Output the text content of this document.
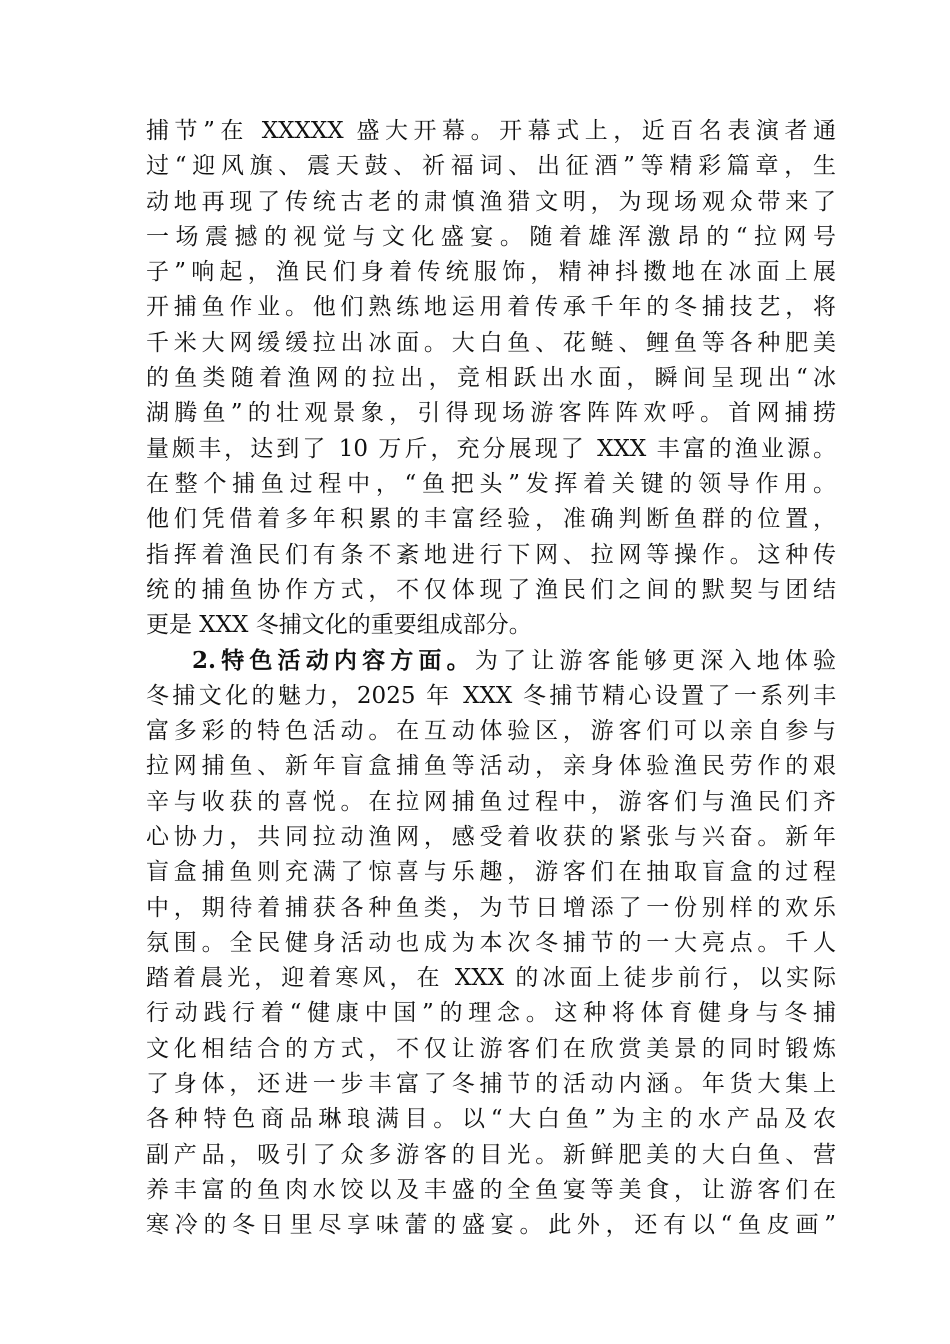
捕节”在 XXXXX 盛大开幕。开幕式上，近百名表演者通
过“迎风旗、震天鼓、祈福词、出征酒”等精彩篇章，生
动地再现了传统古老的肃慎渔猎文明，为现场观众带来了
一场震撼的视觉与文化盛宴。随着雄浑激昂的“拉网号
子”响起，渔民们身着传统服饰，精神抖擞地在冰面上展
开捕鱼作业。他们熟练地运用着传承千年的冬捕技艺，将
千米大网缓缓拉出冰面。大白鱼、花鲢、鲤鱼等各种肥美
的鱼类随着渔网的拉出，竞相跃出水面，瞬间呈现出“冰
湖腾鱼”的壮观景象，引得现场游客阵阵欢呼。首网捕捞
量颇丰，达到了 10 万斤，充分展现了 XXX 丰富的渔业源。
在整个捕鱼过程中，“鱼把头”发挥着关键的领导作用。
他们凭借着多年积累的丰富经验，准确判断鱼群的位置，
指挥着渔民们有条不紊地进行下网、拉网等操作。这种传
统的捕鱼协作方式，不仅体现了渔民们之间的默契与团结
更是 XXX 冬捕文化的重要组成部分。
2.特色活动内容方面。为了让游客能够更深入地体验
冬捕文化的魅力，2025 年 XXX 冬捕节精心设置了一系列丰
富多彩的特色活动。在互动体验区，游客们可以亲自参与
拉网捕鱼、新年盲盒捕鱼等活动，亲身体验渔民劳作的艰
辛与收获的喜悦。在拉网捕鱼过程中，游客们与渔民们齐
心协力，共同拉动渔网，感受着收获的紧张与兴奋。新年
盲盒捕鱼则充满了惊喜与乐趣，游客们在抽取盲盒的过程
中，期待着捕获各种鱼类，为节日增添了一份别样的欢乐
氛围。全民健身活动也成为本次冬捕节的一大亮点。千人
踏着晨光，迎着寒风，在 XXX 的冰面上徒步前行，以实际
行动践行着“健康中国”的理念。这种将体育健身与冬捕
文化相结合的方式，不仅让游客们在欣赏美景的同时锻炼
了身体，还进一步丰富了冬捕节的活动内涵。年货大集上
各种特色商品琳琅满目。以“大白鱼”为主的水产品及农
副产品，吸引了众多游客的目光。新鲜肥美的大白鱼、营
养丰富的鱼肉水饺以及丰盛的全鱼宴等美食，让游客们在
寒冷的冬日里尽享味蕾的盛宴。此外，还有以“鱼皮画”
